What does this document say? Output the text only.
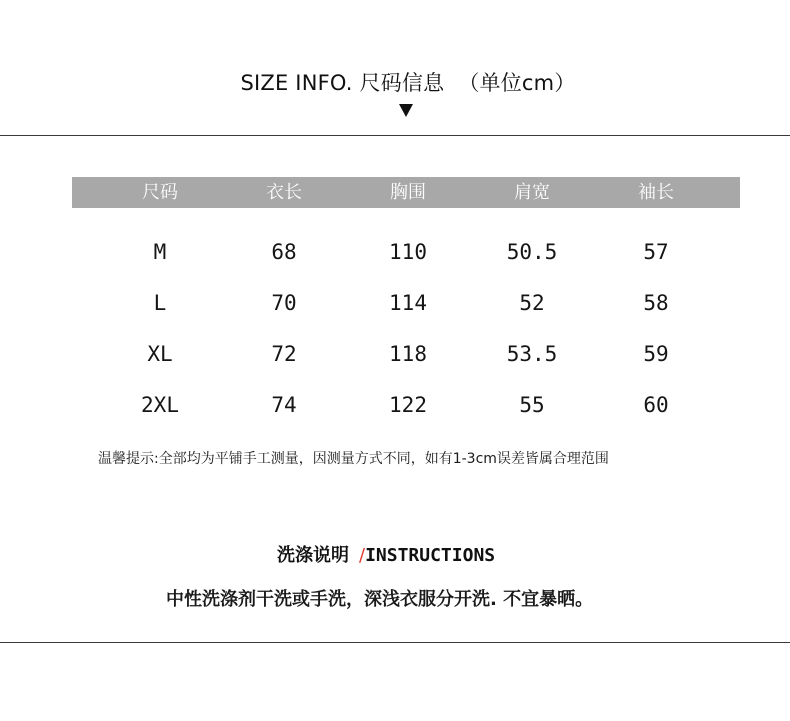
SIZE INFO. 尺码信息 （单位cm）
尺码	衣长	胸围	肩宽	袖长
M	68	110	50.5	57
L	70	114	52	58
XL	72	118	53.5	59
2XL	74	122	55	60
温馨提示:全部均为平铺手工测量，因测量方式不同，如有1-3cm误差皆属合理范围
洗涤说明 /INSTRUCTIONS
中性洗涤剂干洗或手洗，深浅衣服分开洗. 不宜暴晒。
